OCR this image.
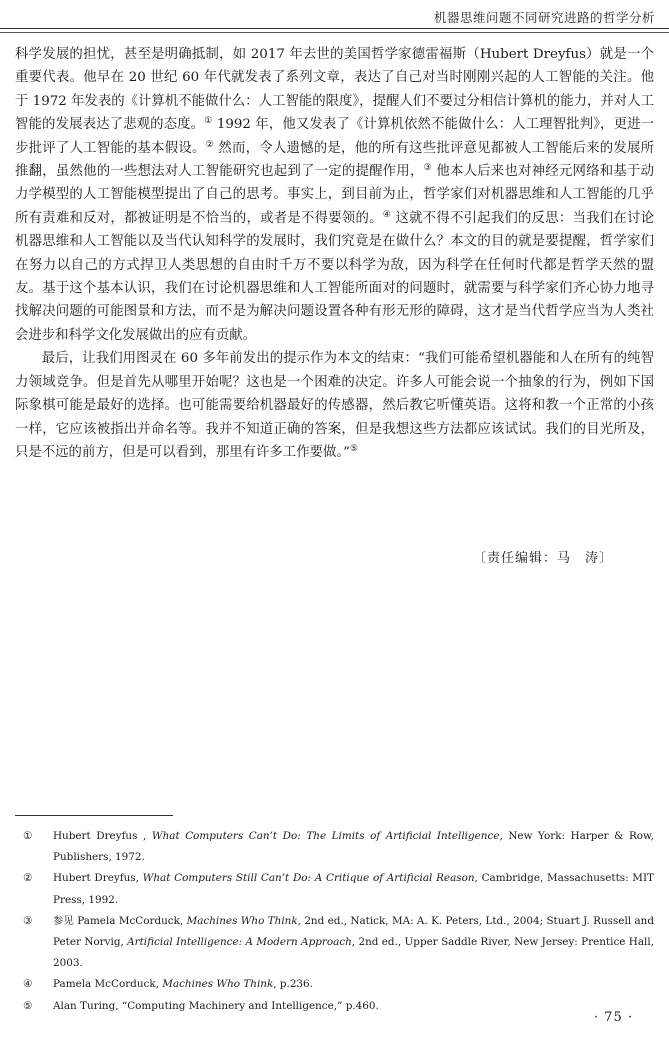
机器思维问题不同研究进路的哲学分析

科学发展的担忧，甚至是明确抵制，如 2017 年去世的美国哲学家德雷福斯（Hubert Dreyfus）就是一个重要代表。他早在 20 世纪 60 年代就发表了系列文章，表达了自己对当时刚刚兴起的人工智能的关注。他于 1972 年发表的《计算机不能做什么：人工智能的限度》，提醒人们不要过分相信计算机的能力，并对人工智能的发展表达了悲观的态度。① 1992 年，他又发表了《计算机依然不能做什么：人工理智批判》，更进一步批评了人工智能的基本假设。② 然而，令人遗憾的是，他的所有这些批评意见都被人工智能后来的发展所推翻，虽然他的一些想法对人工智能研究也起到了一定的提醒作用，③ 他本人后来也对神经元网络和基于动力学模型的人工智能模型提出了自己的思考。事实上，到目前为止，哲学家们对机器思维和人工智能的几乎所有责难和反对，都被证明是不恰当的，或者是不得要领的。④ 这就不得不引起我们的反思：当我们在讨论机器思维和人工智能以及当代认知科学的发展时，我们究竟是在做什么？本文的目的就是要提醒，哲学家们在努力以自己的方式捍卫人类思想的自由时千万不要以科学为敌，因为科学在任何时代都是哲学天然的盟友。基于这个基本认识，我们在讨论机器思维和人工智能所面对的问题时，就需要与科学家们齐心协力地寻找解决问题的可能图景和方法，而不是为解决问题设置各种有形无形的障碍，这才是当代哲学应当为人类社会进步和科学文化发展做出的应有贡献。

最后，让我们用图灵在 60 多年前发出的提示作为本文的结束：“我们可能希望机器能和人在所有的纯智力领域竞争。但是首先从哪里开始呢？这也是一个困难的决定。许多人可能会说一个抽象的行为，例如下国际象棋可能是最好的选择。也可能需要给机器最好的传感器，然后教它听懂英语。这将和教一个正常的小孩一样，它应该被指出并命名等。我并不知道正确的答案，但是我想这些方法都应该试试。我们的目光所及，只是不远的前方，但是可以看到，那里有许多工作要做。”⑤

〔责任编辑：马　涛〕
①	Hubert Dreyfus , What Computers Can’t Do: The Limits of Artificial Intelligence, New York: Harper & Row, Publishers, 1972.
②	Hubert Dreyfus, What Computers Still Can’t Do: A Critique of Artificial Reason, Cambridge, Massachusetts: MIT Press, 1992.
③	参见 Pamela McCorduck, Machines Who Think, 2nd ed., Natick, MA: A. K. Peters, Ltd., 2004; Stuart J. Russell and Peter Norvig, Artificial Intelligence: A Modern Approach, 2nd ed., Upper Saddle River, New Jersey: Prentice Hall, 2003.
④	Pamela McCorduck, Machines Who Think, p.236.
⑤	Alan Turing, “Computing Machinery and Intelligence,” p.460.
· 75 ·
